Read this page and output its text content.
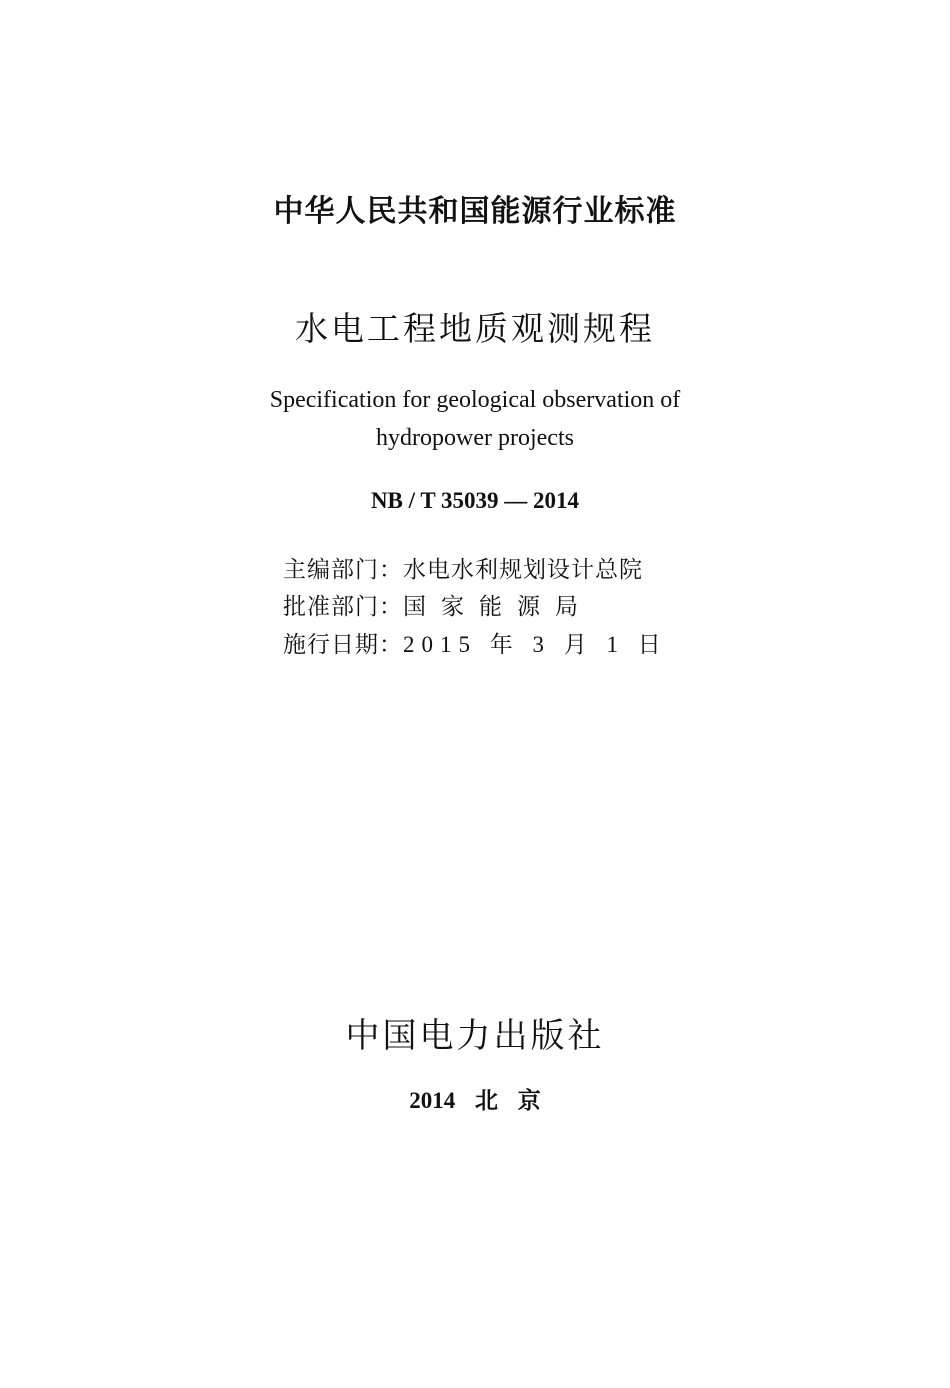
中华人民共和国能源行业标准
水电工程地质观测规程
Specification for geological observation of
hydropower projects
NB / T 35039 — 2014
主编部门：水电水利规划设计总院
批准部门：国家能源局
施行日期：2015 年 3 月 1 日
中国电力出版社
2014 北 京
